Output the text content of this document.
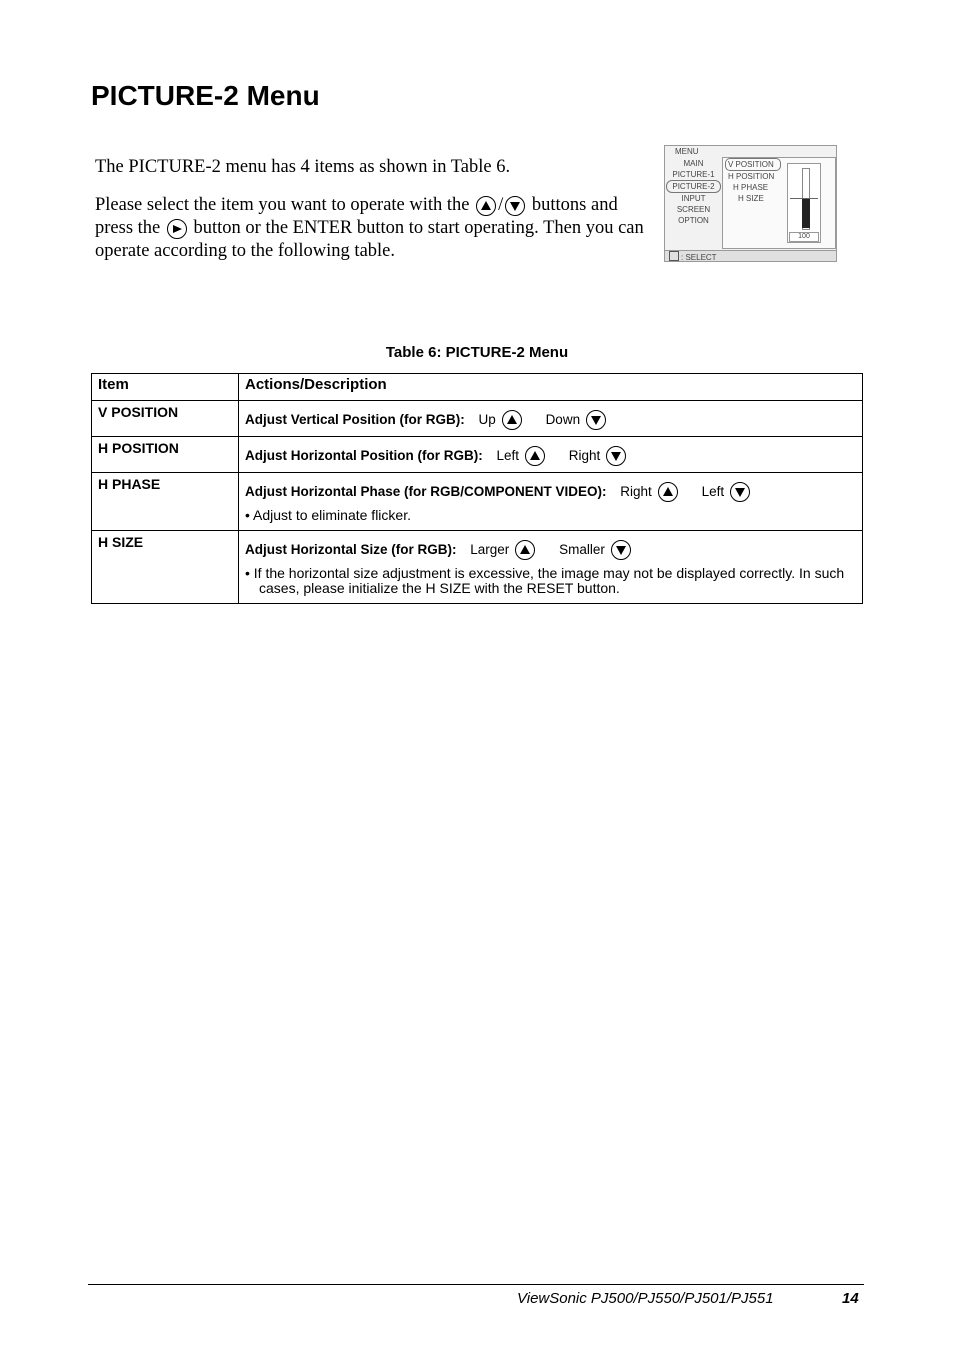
PICTURE-2 Menu

The PICTURE-2 menu has 4 items as shown in Table 6.

Please select the item you want to operate with the / buttons and press the button or the ENTER button to start operating. Then you can operate according to the following table.

MENU
MAIN
PICTURE-1
PICTURE-2
INPUT
SCREEN
OPTION
V POSITION
H POSITION
H PHASE
H SIZE
100
: SELECT
Table 6: PICTURE-2 Menu
Item	Actions/Description

V POSITION	Adjust Vertical Position (for RGB): Up Down

H POSITION	Adjust Horizontal Position (for RGB): Left Right

H PHASE	Adjust Horizontal Phase (for RGB/COMPONENT VIDEO): Right Left
• Adjust to eliminate flicker.

H SIZE	Adjust Horizontal Size (for RGB): Larger Smaller
• If the horizontal size adjustment is excessive, the image may not be displayed correctly. In such cases, please initialize the H SIZE with the RESET button.
ViewSonic PJ500/PJ550/PJ501/PJ551	14
